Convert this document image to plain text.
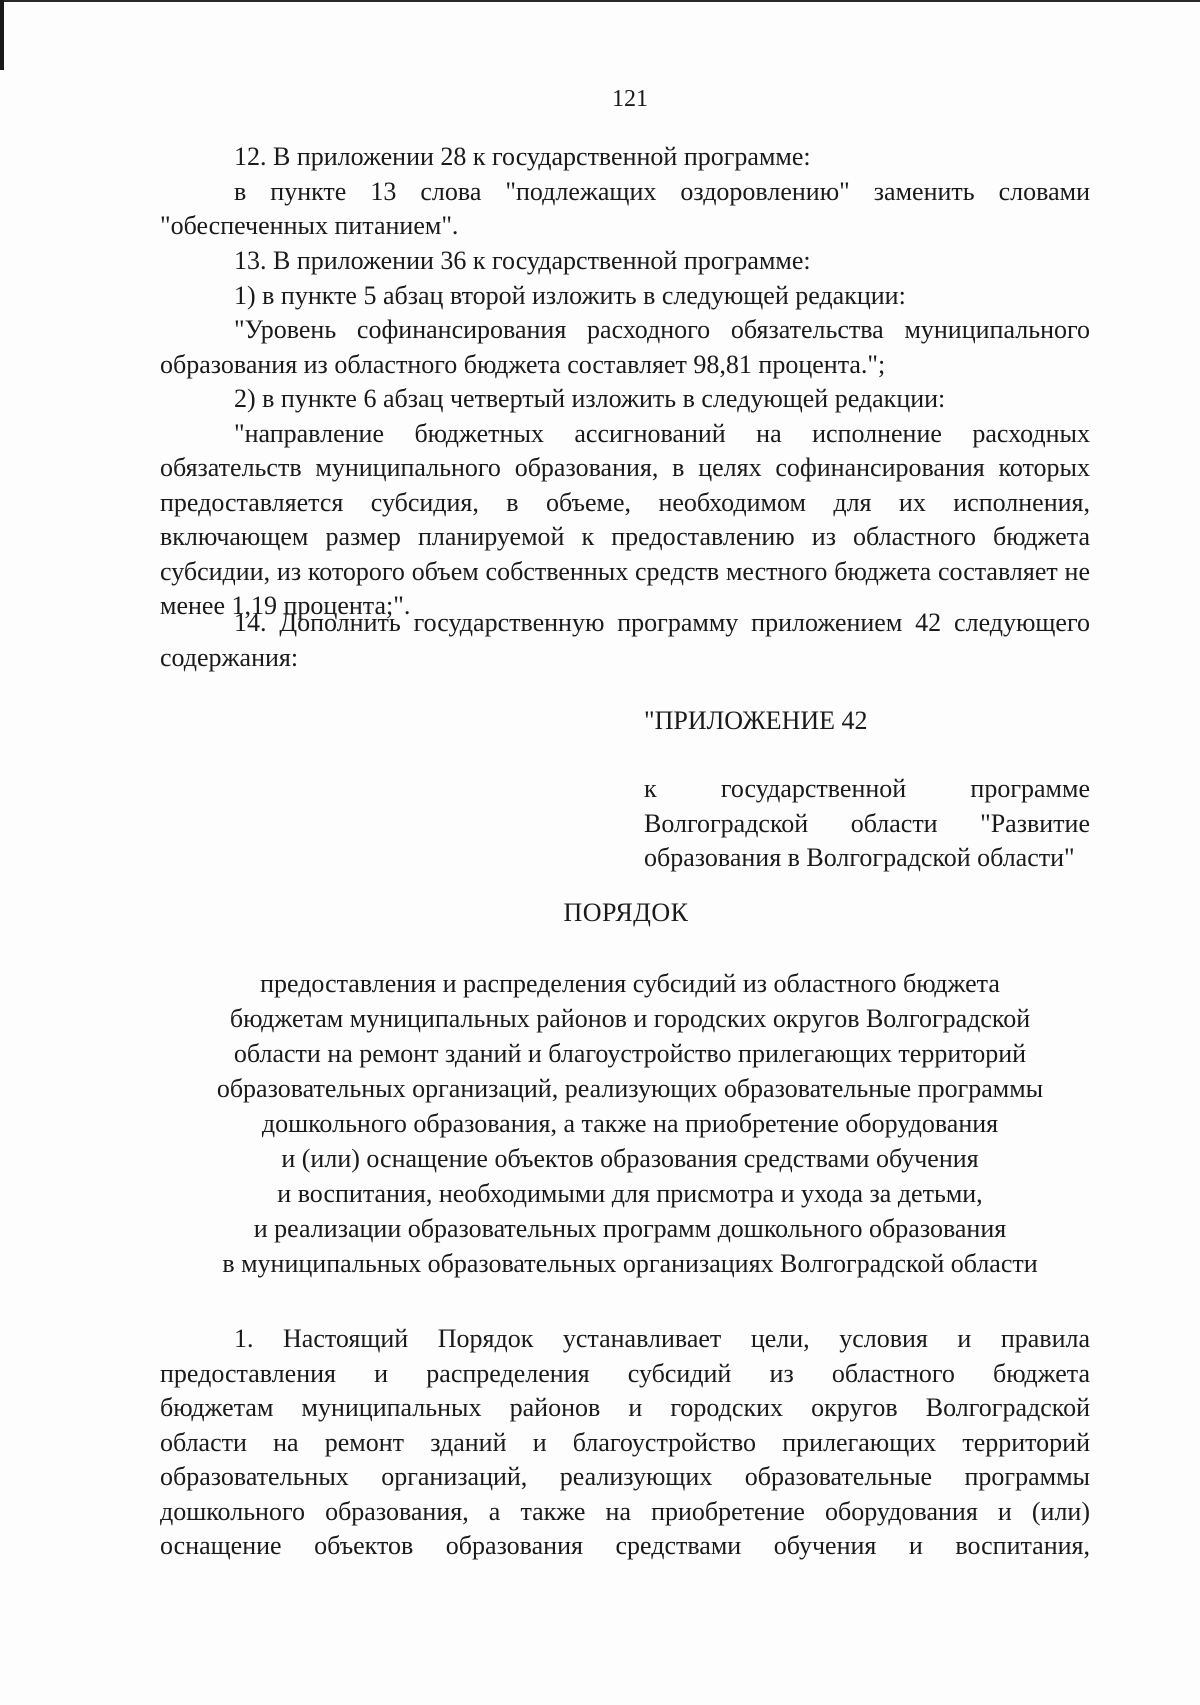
121

12. В приложении 28 к государственной программе:

в пункте 13 слова "подлежащих оздоровлению" заменить словами "обеспеченных питанием".

13. В приложении 36 к государственной программе:

1) в пункте 5 абзац второй изложить в следующей редакции:

"Уровень софинансирования расходного обязательства муниципального образования из областного бюджета составляет 98,81 процента.";

2) в пункте 6 абзац четвертый изложить в следующей редакции:

"направление бюджетных ассигнований на исполнение расходных обязательств муниципального образования, в целях софинансирования которых предоставляется субсидия, в объеме, необходимом для их исполнения, включающем размер планируемой к предоставлению из областного бюджета субсидии, из которого объем собственных средств местного бюджета составляет не менее 1,19 процента;".

14. Дополнить государственную программу приложением 42 следующего содержания:

"ПРИЛОЖЕНИЕ 42
к государственной программе
Волгоградской области "Развитие
образования в Волгоградской области"
ПОРЯДОК
предоставления и распределения субсидий из областного бюджета
бюджетам муниципальных районов и городских округов Волгоградской
области на ремонт зданий и благоустройство прилегающих территорий
образовательных организаций, реализующих образовательные программы
дошкольного образования, а также на приобретение оборудования
и (или) оснащение объектов образования средствами обучения
и воспитания, необходимыми для присмотра и ухода за детьми,
и реализации образовательных программ дошкольного образования
в муниципальных образовательных организациях Волгоградской области
1. Настоящий Порядок устанавливает цели, условия и правила
предоставления и распределения субсидий из областного бюджета
бюджетам муниципальных районов и городских округов Волгоградской
области на ремонт зданий и благоустройство прилегающих территорий
образовательных организаций, реализующих образовательные программы
дошкольного образования, а также на приобретение оборудования и (или)
оснащение объектов образования средствами обучения и воспитания,
